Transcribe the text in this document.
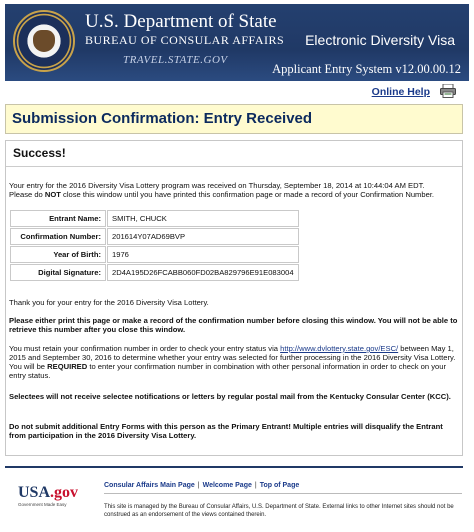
U.S. Department of State
BUREAU OF CONSULAR AFFAIRS
TRAVEL.STATE.GOV
Electronic Diversity Visa
Applicant Entry System v12.00.00.12
Online Help
Submission Confirmation: Entry Received
Success!
Your entry for the 2016 Diversity Visa Lottery program was received on Thursday, September 18, 2014 at 10:44:04 AM EDT.
Please do NOT close this window until you have printed this confirmation page or made a record of your Confirmation Number.
Entrant Name:	SMITH, CHUCK
Confirmation Number:	201614Y07AD69BVP
Year of Birth:	1976
Digital Signature:	2D4A195D26FCABB060FD02BA829796E91E083004
Thank you for your entry for the 2016 Diversity Visa Lottery.
Please either print this page or make a record of the confirmation number before closing this window. You will not be able to retrieve this number after you close this window.
You must retain your confirmation number in order to check your entry status via http://www.dvlottery.state.gov/ESC/ between May 1, 2015 and September 30, 2016 to determine whether your entry was selected for further processing in the 2016 Diversity Visa Lottery. You will be REQUIRED to enter your confirmation number in combination with other personal information in order to check on your entry status.
Selectees will not receive selectee notifications or letters by regular postal mail from the Kentucky Consular Center (KCC).
Do not submit additional Entry Forms with this person as the Primary Entrant! Multiple entries will disqualify the Entrant from participation in the 2016 Diversity Visa Lottery.
USA.gov
Government Made Easy
Consular Affairs Main Page | Welcome Page | Top of Page
This site is managed by the Bureau of Consular Affairs, U.S. Department of State. External links to other Internet sites should not be construed as an endorsement of the views contained therein.
